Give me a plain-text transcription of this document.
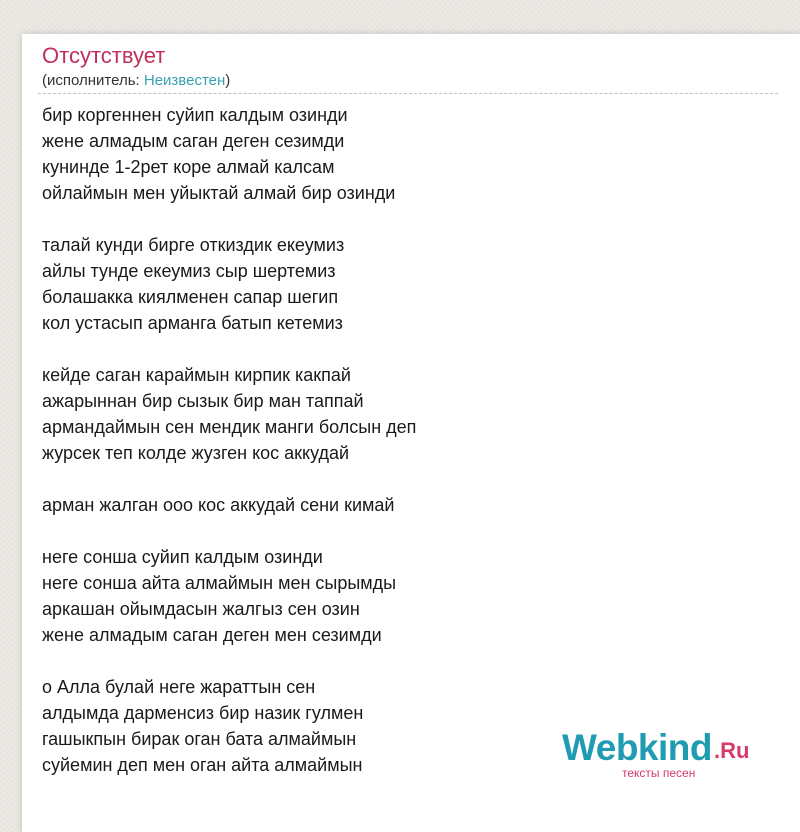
Отсутствует
(исполнитель: Неизвестен)
бир коргеннен суйип калдым озинди
жене алмадым саган деген сезимди
кунинде 1-2рет коре алмай калсам
ойлаймын мен уйыктай алмай бир озинди
талай кунди бирге откиздик екеумиз
айлы тунде екеумиз сыр шертемиз
болашакка киялменен сапар шегип
кол устасып арманга батып кетемиз
кейде саган караймын кирпик какпай
ажарыннан бир сызык бир ман таппай
армандаймын сен мендик манги болсын деп
журсек теп колде жузген кос аккудай
арман жалган ооо кос аккудай сени кимай
неге сонша суйип калдым озинди
неге сонша айта алмаймын мен сырымды
аркашан ойымдасын жалгыз сен озин
жене алмадым саган деген мен сезимди
о Алла булай неге жараттын сен
алдымда дарменсиз бир назик гулмен
гашыкпын бирак оган бата алмаймын
суйемин деп мен оган айта алмаймын	Webkind .Ru
тексты песен
